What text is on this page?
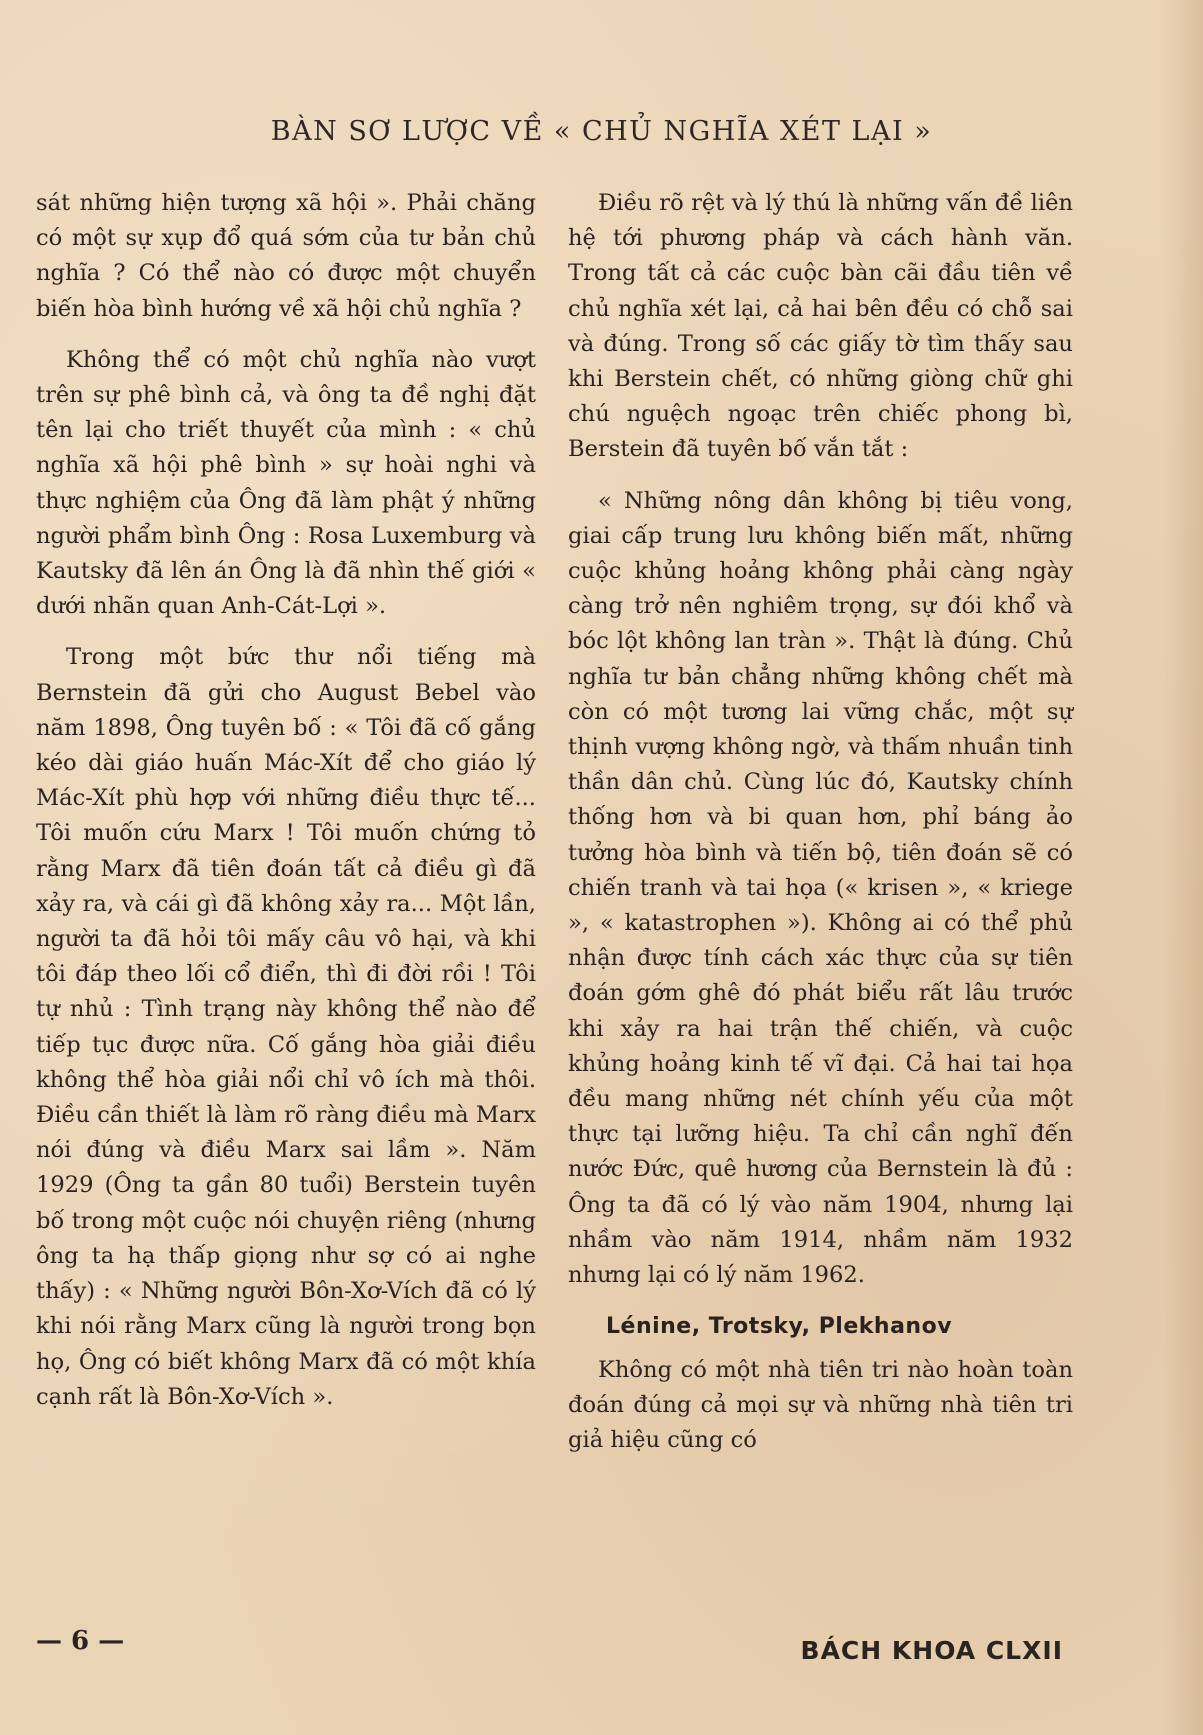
BÀN SƠ LƯỢC VỀ « CHỦ NGHĨA XÉT LẠI »

sát những hiện tượng xã hội ». Phải chăng có một sự xụp đổ quá sớm của tư bản chủ nghĩa ? Có thể nào có được một chuyển biến hòa bình hướng về xã hội chủ nghĩa ?

Không thể có một chủ nghĩa nào vượt trên sự phê bình cả, và ông ta đề nghị đặt tên lại cho triết thuyết của mình : « chủ nghĩa xã hội phê bình » sự hoài nghi và thực nghiệm của Ông đã làm phật ý những người phẩm bình Ông : Rosa Luxemburg và Kautsky đã lên án Ông là đã nhìn thế giới « dưới nhãn quan Anh-Cát-Lợi ».

Trong một bức thư nổi tiếng mà Bernstein đã gửi cho August Bebel vào năm 1898, Ông tuyên bố : « Tôi đã cố gắng kéo dài giáo huấn Mác-Xít để cho giáo lý Mác-Xít phù hợp với những điều thực tế... Tôi muốn cứu Marx ! Tôi muốn chứng tỏ rằng Marx đã tiên đoán tất cả điều gì đã xảy ra, và cái gì đã không xảy ra... Một lần, người ta đã hỏi tôi mấy câu vô hại, và khi tôi đáp theo lối cổ điển, thì đi đời rồi ! Tôi tự nhủ : Tình trạng này không thể nào để tiếp tục được nữa. Cố gắng hòa giải điều không thể hòa giải nổi chỉ vô ích mà thôi. Điều cần thiết là làm rõ ràng điều mà Marx nói đúng và điều Marx sai lầm ». Năm 1929 (Ông ta gần 80 tuổi) Berstein tuyên bố trong một cuộc nói chuyện riêng (nhưng ông ta hạ thấp giọng như sợ có ai nghe thấy) : « Những người Bôn-Xơ-Vích đã có lý khi nói rằng Marx cũng là người trong bọn họ, Ông có biết không Marx đã có một khía cạnh rất là Bôn-Xơ-Vích ».

Điều rõ rệt và lý thú là những vấn đề liên hệ tới phương pháp và cách hành văn. Trong tất cả các cuộc bàn cãi đầu tiên về chủ nghĩa xét lại, cả hai bên đều có chỗ sai và đúng. Trong số các giấy tờ tìm thấy sau khi Berstein chết, có những giòng chữ ghi chú nguệch ngoạc trên chiếc phong bì, Berstein đã tuyên bố vắn tắt :

« Những nông dân không bị tiêu vong, giai cấp trung lưu không biến mất, những cuộc khủng hoảng không phải càng ngày càng trở nên nghiêm trọng, sự đói khổ và bóc lột không lan tràn ». Thật là đúng. Chủ nghĩa tư bản chẳng những không chết mà còn có một tương lai vững chắc, một sự thịnh vượng không ngờ, và thấm nhuần tinh thần dân chủ. Cùng lúc đó, Kautsky chính thống hơn và bi quan hơn, phỉ báng ảo tưởng hòa bình và tiến bộ, tiên đoán sẽ có chiến tranh và tai họa (« krisen », « kriege », « katastrophen »). Không ai có thể phủ nhận được tính cách xác thực của sự tiên đoán gớm ghê đó phát biểu rất lâu trước khi xảy ra hai trận thế chiến, và cuộc khủng hoảng kinh tế vĩ đại. Cả hai tai họa đều mang những nét chính yếu của một thực tại lưỡng hiệu. Ta chỉ cần nghĩ đến nước Đức, quê hương của Bernstein là đủ : Ông ta đã có lý vào năm 1904, nhưng lại nhầm vào năm 1914, nhầm năm 1932 nhưng lại có lý năm 1962.

Lénine, Trotsky, Plekhanov

Không có một nhà tiên tri nào hoàn toàn đoán đúng cả mọi sự và những nhà tiên tri giả hiệu cũng có

— 6 —	BÁCH KHOA CLXII
